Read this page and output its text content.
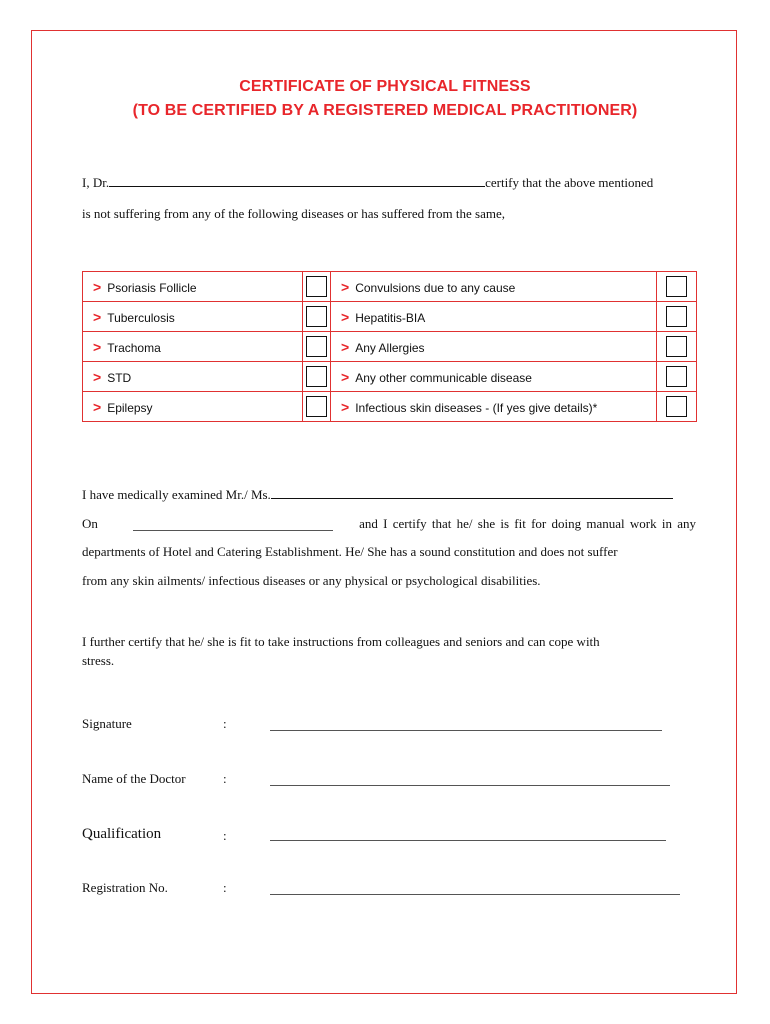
CERTIFICATE OF PHYSICAL FITNESS
(TO BE CERTIFIED BY A REGISTERED MEDICAL PRACTITIONER)
I, Dr.	certify that the above mentioned
is not suffering from any of the following diseases or has suffered from the same,
> Psoriasis Follicle		> Convulsions due to any cause	
> Tuberculosis		> Hepatitis-BIA	
> Trachoma		> Any Allergies	
> STD		> Any other communicable disease	
> Epilepsy		> Infectious skin diseases - (If yes give details)*	
I have medically examined Mr./ Ms.
On	and I certify that he/ she is fit for doing manual work in any
departments of Hotel and Catering Establishment. He/ She has a sound constitution and does not suffer
from any skin ailments/ infectious diseases or any physical or psychological disabilities.
I further certify that he/ she is fit to take instructions from colleagues and seniors and can cope with
stress.
Signature	:
Name of the Doctor	:
Qualification	:
Registration No.	:
